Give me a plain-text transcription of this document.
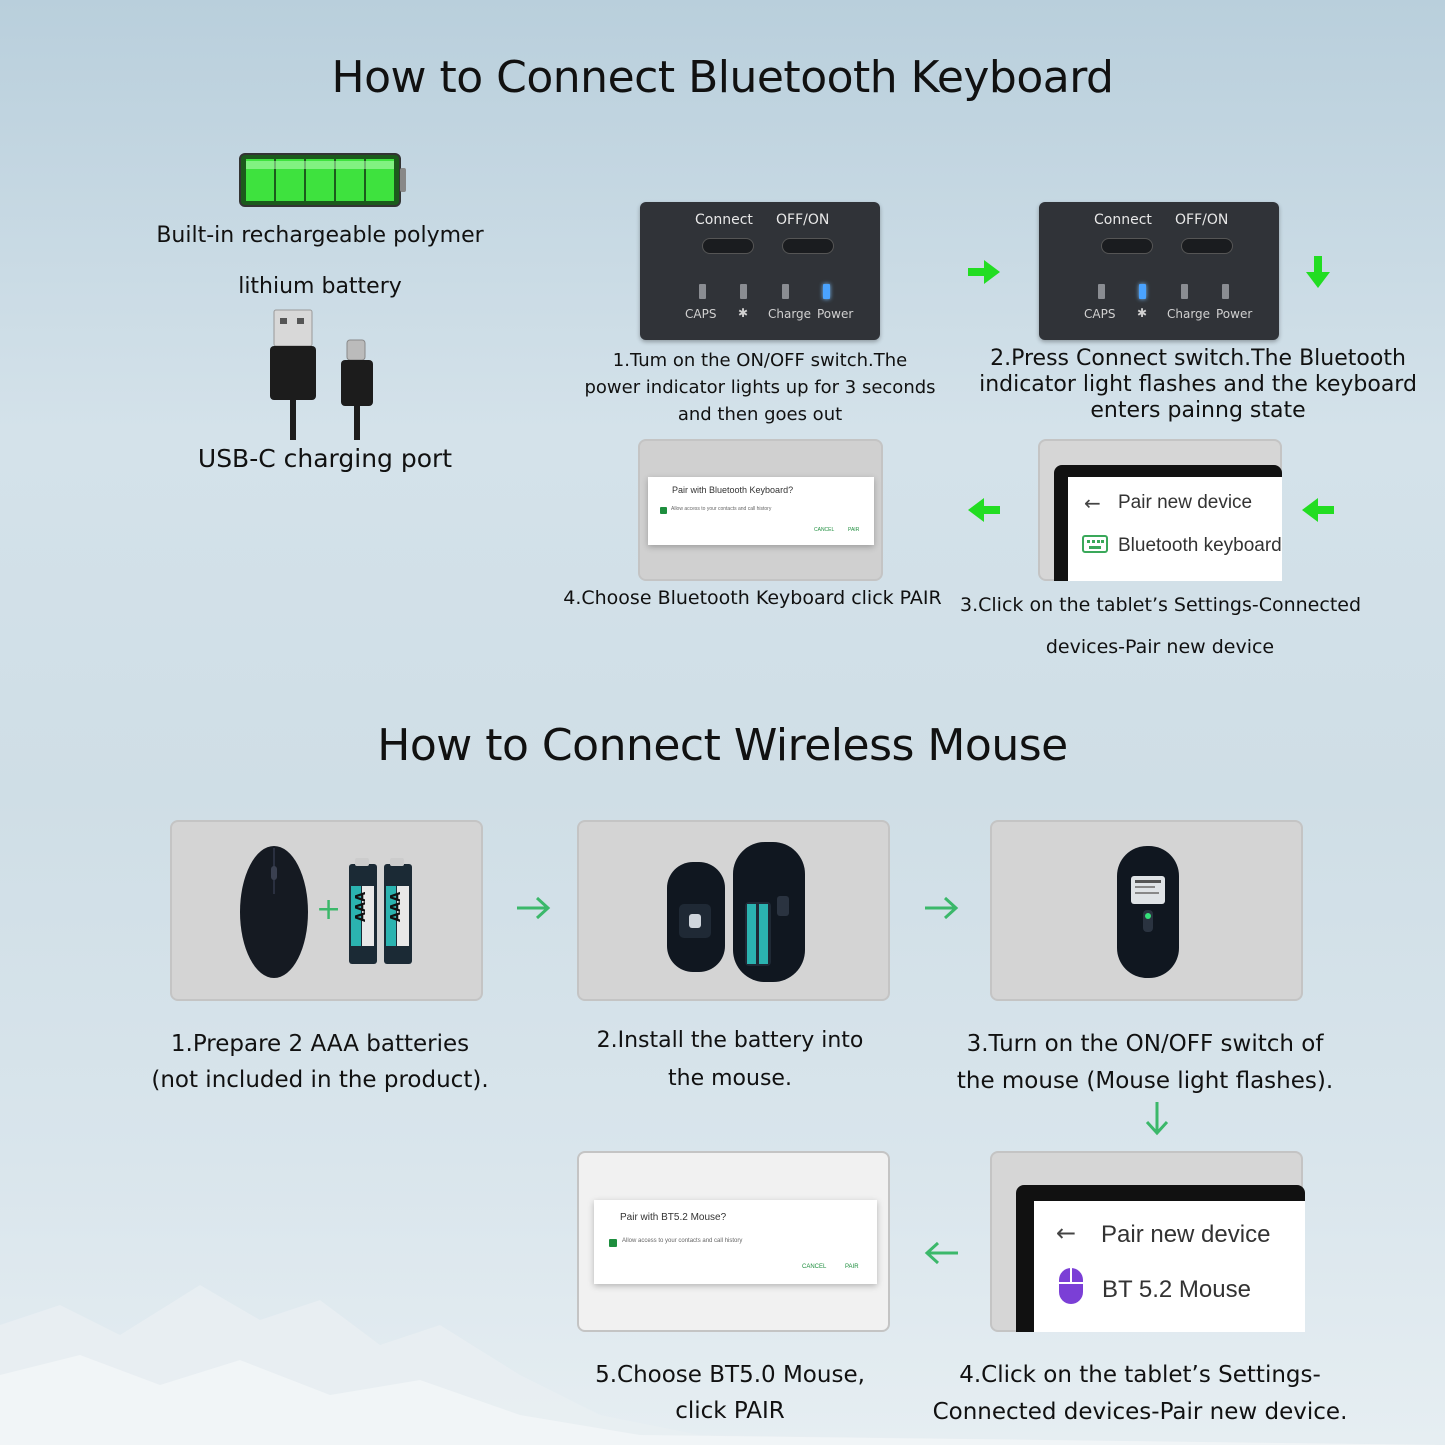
How to Connect Bluetooth Keyboard
Built-in rechargeable polymer
lithium battery
USB-C charging port
Connect OFF/ON
CAPS ✱ Charge Power
Connect OFF/ON
CAPS ✱ Charge Power
1.Tum on the ON/OFF switch.The
power indicator lights up for 3 seconds
and then goes out
2.Press Connect switch.The Bluetooth
indicator light flashes and the keyboard
enters painng state
Pair with Bluetooth Keyboard?
Allow access to your contacts and call history
CANCEL	PAIR
4.Choose Bluetooth Keyboard click PAIR
← Pair new device
Bluetooth keyboard
3.Click on the tablet’s Settings-Connected
devices-Pair new device
How to Connect Wireless Mouse
+ AAA AAA
1.Prepare 2 AAA batteries
(not included in the product).
2.Install the battery into
the mouse.
3.Turn on the ON/OFF switch of
the mouse (Mouse light flashes).
Pair with BT5.2 Mouse?
Allow access to your contacts and call history
CANCEL	PAIR
← Pair new device
BT 5.2 Mouse
5.Choose BT5.0 Mouse,
click PAIR
4.Click on the tablet’s Settings-
Connected devices-Pair new device.
